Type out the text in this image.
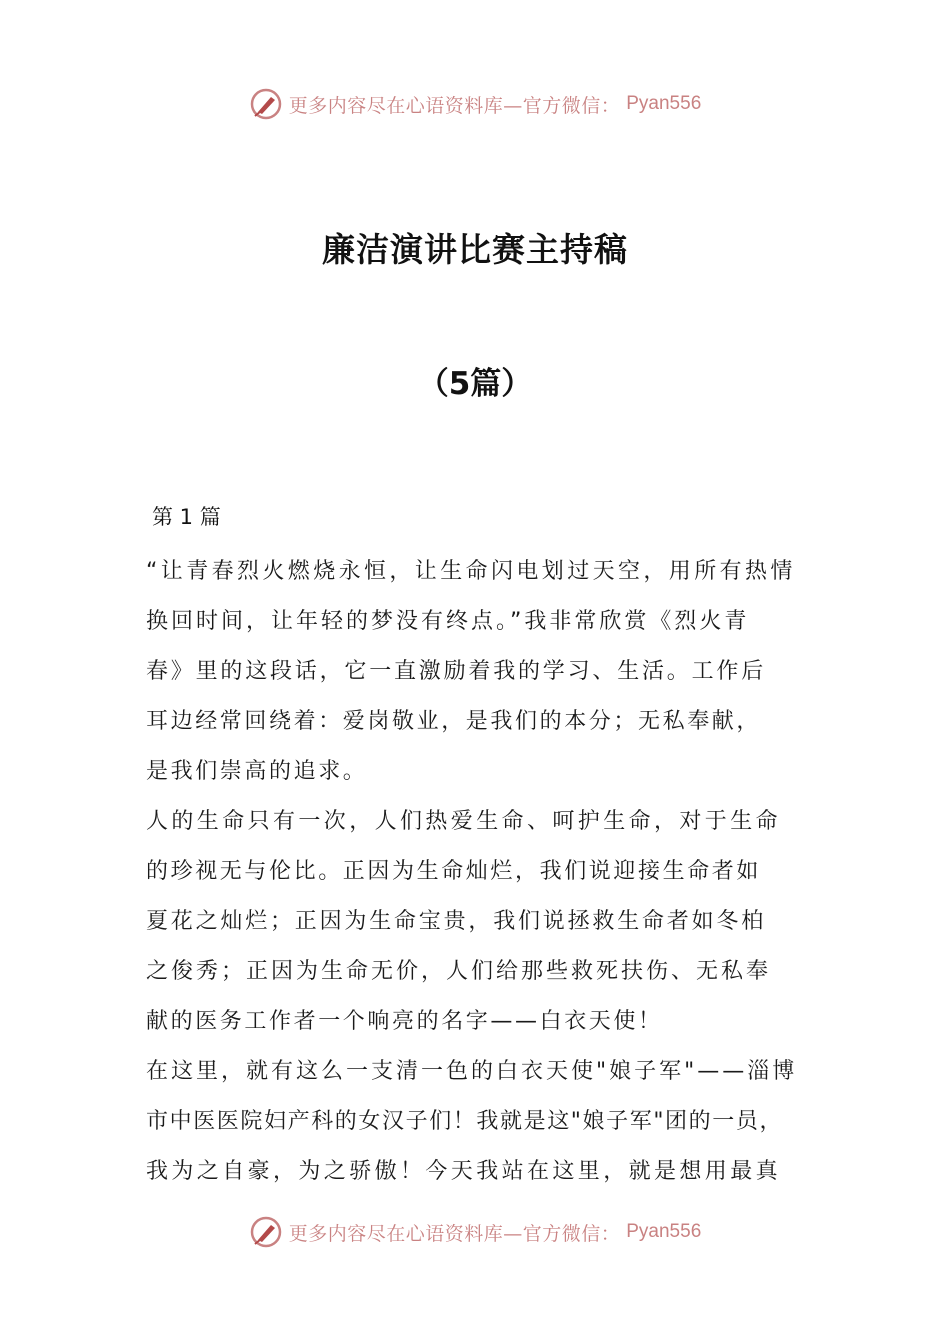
更多内容尽在心语资料库—官方微信： Pyan556
廉洁演讲比赛主持稿
（5篇）
第 1 篇
“让青春烈火燃烧永恒，让生命闪电划过天空，用所有热情
换回时间，让年轻的梦没有终点。”我非常欣赏《烈火青
春》里的这段话，它一直激励着我的学习、生活。工作后
耳边经常回绕着：爱岗敬业，是我们的本分；无私奉献，
是我们崇高的追求。
人的生命只有一次，人们热爱生命、呵护生命，对于生命
的珍视无与伦比。正因为生命灿烂，我们说迎接生命者如
夏花之灿烂；正因为生命宝贵，我们说拯救生命者如冬柏
之俊秀；正因为生命无价，人们给那些救死扶伤、无私奉
献的医务工作者一个响亮的名字——白衣天使！
在这里，就有这么一支清一色的白衣天使"娘子军"——淄博
市中医医院妇产科的女汉子们！我就是这"娘子军"团的一员，
我为之自豪，为之骄傲！今天我站在这里，就是想用最真
更多内容尽在心语资料库—官方微信： Pyan556
